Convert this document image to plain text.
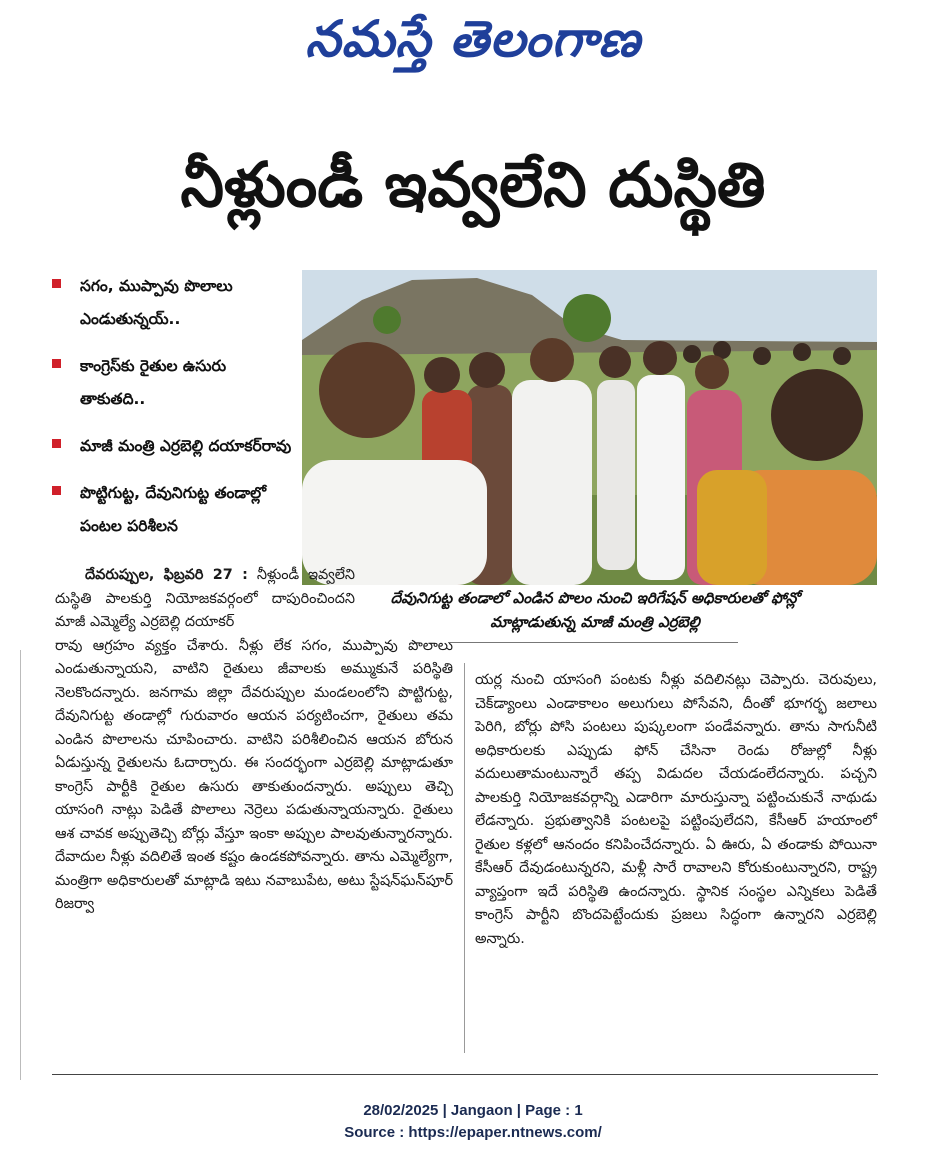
నమస్తే తెలంగాణ
నీళ్లుండీ ఇవ్వలేని దుస్థితి
సగం, ముప్పావు పొలాలు ఎండుతున్నయ్..
కాంగ్రెస్‌కు రైతుల ఉసురు తాకుతది..
మాజీ మంత్రి ఎర్రబెల్లి దయాకర్‌రావు
పొట్టిగుట్ట, దేవునిగుట్ట తండాల్లో పంటల పరిశీలన
దేవునిగుట్ట తండాలో ఎండిన పొలం నుంచి ఇరిగేషన్ అధికారులతో ఫోన్లో మాట్లాడుతున్న మాజీ మంత్రి ఎర్రబెల్లి

దేవరుప్పుల, ఫిబ్రవరి 27 : నీళ్లుండీ ఇవ్వలేని దుస్థితి పాలకుర్తి నియోజకవర్గంలో దాపురించిందని మాజీ ఎమ్మెల్యే ఎర్రబెల్లి దయాకర్

రావు ఆగ్రహం వ్యక్తం చేశారు. నీళ్లు లేక సగం, ముప్పావు పొలాలు ఎండుతున్నాయని, వాటిని రైతులు జీవాలకు అమ్ముకునే పరిస్థితి నెలకొందన్నారు. జనగామ జిల్లా దేవరుప్పుల మండలంలోని పొట్టిగుట్ట, దేవునిగుట్ట తండాల్లో గురువారం ఆయన పర్యటించగా, రైతులు తమ ఎండిన పొలాలను చూపించారు. వాటిని పరిశీలించిన ఆయన బోరున ఏడుస్తున్న రైతులను ఓదార్చారు. ఈ సందర్భంగా ఎర్రబెల్లి మాట్లాడుతూ కాంగ్రెస్ పార్టీకి రైతుల ఉసురు తాకుతుందన్నారు. అప్పులు తెచ్చి యాసంగి నాట్లు పెడితే పొలాలు నెర్రెలు పడుతున్నాయన్నారు. రైతులు ఆశ చావక అప్పుతెచ్చి బోర్లు వేస్తూ ఇంకా అప్పుల పాలవుతున్నారన్నారు. దేవాదుల నీళ్లు వదిలితే ఇంత కష్టం ఉండకపోవన్నారు. తాను ఎమ్మెల్యేగా, మంత్రిగా అధికారులతో మాట్లాడి ఇటు నవాబుపేట, అటు స్టేషన్‌ఘన్‌పూర్ రిజర్వా

యర్ల నుంచి యాసంగి పంటకు నీళ్లు వదిలినట్లు చెప్పారు. చెరువులు, చెక్‌డ్యాంలు ఎండాకాలం అలుగులు పోసేవని, దీంతో భూగర్భ జలాలు పెరిగి, బోర్లు పోసి పంటలు పుష్కలంగా పండేవన్నారు. తాను సాగునీటి అధికారులకు ఎప్పుడు ఫోన్ చేసినా రెండు రోజుల్లో నీళ్లు వదులుతామంటున్నారే తప్ప విడుదల చేయడంలేదన్నారు. పచ్చని పాలకుర్తి నియోజకవర్గాన్ని ఎడారిగా మారుస్తున్నా పట్టించుకునే నాథుడు లేడన్నారు. ప్రభుత్వానికి పంటలపై పట్టింపులేదని, కేసీఆర్ హయాంలో రైతుల కళ్లలో ఆనందం కనిపించేదన్నారు. ఏ ఊరు, ఏ తండాకు పోయినా కేసీఆర్ దేవుడంటున్నరని, మళ్లీ సారే రావాలని కోరుకుంటున్నారని, రాష్ట్ర వ్యాప్తంగా ఇదే పరిస్థితి ఉందన్నారు. స్థానిక సంస్థల ఎన్నికలు పెడితే కాంగ్రెస్ పార్టీని బొందపెట్టేందుకు ప్రజలు సిద్ధంగా ఉన్నారని ఎర్రబెల్లి అన్నారు.

28/02/2025 | Jangaon | Page : 1
Source : https://epaper.ntnews.com/
